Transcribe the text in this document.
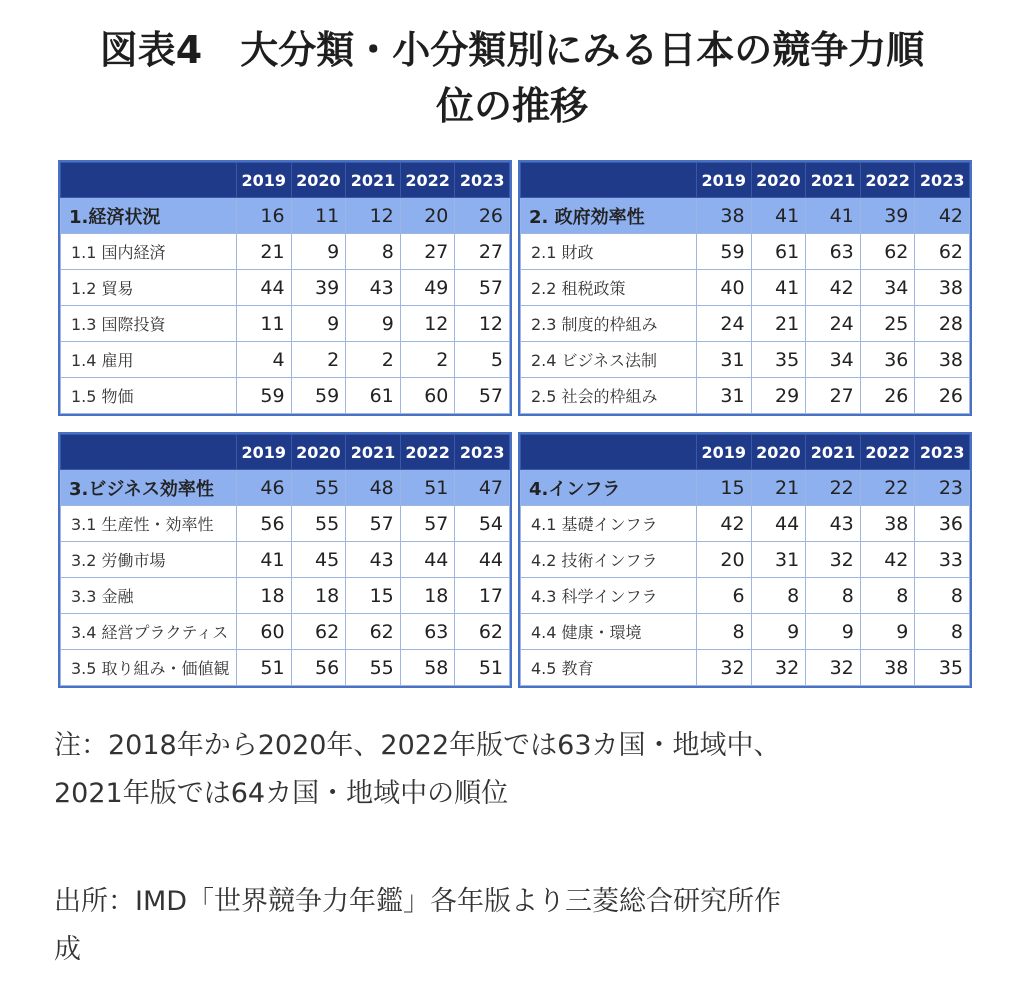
図表4　大分類・小分類別にみる日本の競争力順
位の推移
	2019	2020	2021	2022	2023
1.経済状況	16	11	12	20	26
1.1 国内経済	21	9	8	27	27
1.2 貿易	44	39	43	49	57
1.3 国際投資	11	9	9	12	12
1.4 雇用	4	2	2	2	5
1.5 物価	59	59	61	60	57
	2019	2020	2021	2022	2023
2. 政府効率性	38	41	41	39	42
2.1 財政	59	61	63	62	62
2.2 租税政策	40	41	42	34	38
2.3 制度的枠組み	24	21	24	25	28
2.4 ビジネス法制	31	35	34	36	38
2.5 社会的枠組み	31	29	27	26	26
	2019	2020	2021	2022	2023
3.ビジネス効率性	46	55	48	51	47
3.1 生産性・効率性	56	55	57	57	54
3.2 労働市場	41	45	43	44	44
3.3 金融	18	18	15	18	17
3.4 経営プラクティス	60	62	62	63	62
3.5 取り組み・価値観	51	56	55	58	51
	2019	2020	2021	2022	2023
4.インフラ	15	21	22	22	23
4.1 基礎インフラ	42	44	43	38	36
4.2 技術インフラ	20	31	32	42	33
4.3 科学インフラ	6	8	8	8	8
4.4 健康・環境	8	9	9	9	8
4.5 教育	32	32	32	38	35
注：2018年から2020年、2022年版では63カ国・地域中、
2021年版では64カ国・地域中の順位
出所：IMD「世界競争力年鑑」各年版より三菱総合研究所作
成
